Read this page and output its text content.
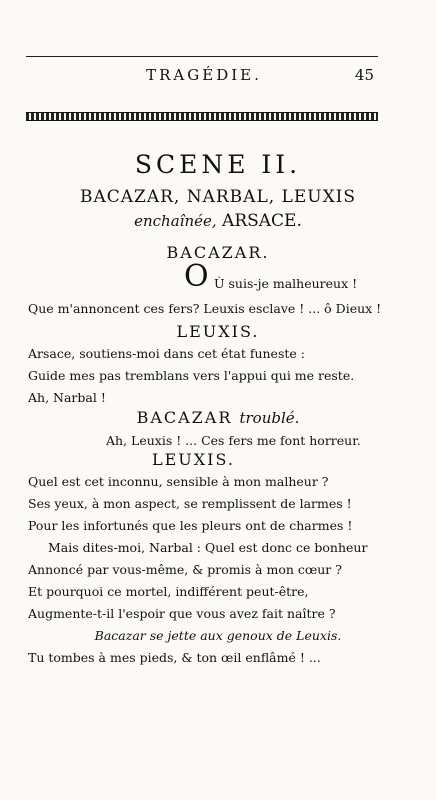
TRAGÉDIE.	45
SCENE II.
BACAZAR, NARBAL, LEUXIS
enchaînée, ARSACE.
BACAZAR.
O Ù suis-je malheureux !
Que m'annoncent ces fers? Leuxis esclave ! ... ô Dieux !
LEUXIS.
Arsace, soutiens-moi dans cet état funeste :
Guide mes pas tremblans vers l'appui qui me reste.
Ah, Narbal !
BACAZAR troublé.
Ah, Leuxis ! ... Ces fers me font horreur.
LEUXIS.
Quel est cet inconnu, sensible à mon malheur ?
Ses yeux, à mon aspect, se remplissent de larmes !
Pour les infortunés que les pleurs ont de charmes !
Mais dites-moi, Narbal : Quel est donc ce bonheur
Annoncé par vous-même, & promis à mon cœur ?
Et pourquoi ce mortel, indifférent peut-être,
Augmente-t-il l'espoir que vous avez fait naître ?
Bacazar se jette aux genoux de Leuxis.
Tu tombes à mes pieds, & ton œil enflâmé ! ...
